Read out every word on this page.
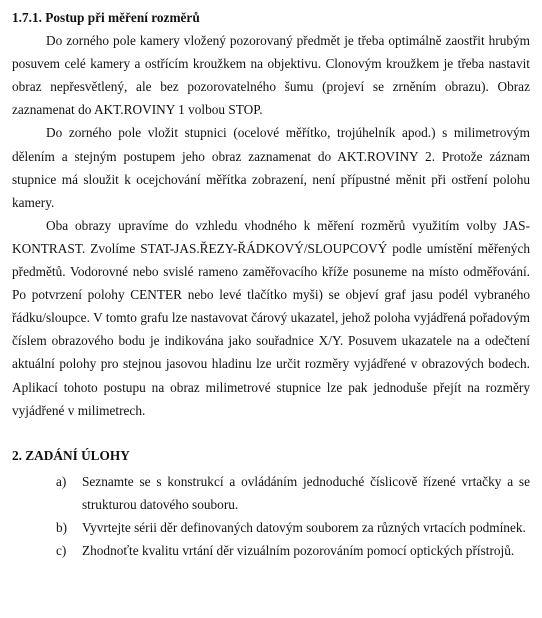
1.7.1. Postup při měření rozměrů

Do zorného pole kamery vložený pozorovaný předmět je třeba optimálně zaostřit hrubým posuvem celé kamery a ostřícím kroužkem na objektivu. Clonovým kroužkem je třeba nastavit obraz nepřesvětlený, ale bez pozorovatelného šumu (projeví se zrněním obrazu). Obraz zaznamenat do AKT.ROVINY 1 volbou STOP.

Do zorného pole vložit stupnici (ocelové měřítko, trojúhelník apod.) s milimetrovým dělením a stejným postupem jeho obraz zaznamenat do AKT.ROVINY 2. Protože záznam stupnice má sloužit k ocejchování měřítka zobrazení, není přípustné měnit při ostření polohu kamery.

Oba obrazy upravíme do vzhledu vhodného k měření rozměrů využitím volby JAS-KONTRAST. Zvolíme STAT-JAS.ŘEZY-ŘÁDKOVÝ/SLOUPCOVÝ podle umístění měřených předmětů. Vodorovné nebo svislé rameno zaměřovacího kříže posuneme na místo odměřování. Po potvrzení polohy CENTER nebo levé tlačítko myši) se objeví graf jasu podél vybraného řádku/sloupce. V tomto grafu lze nastavovat čárový ukazatel, jehož poloha vyjádřená pořadovým číslem obrazového bodu je indikována jako souřadnice X/Y. Posuvem ukazatele na a odečtení aktuální polohy pro stejnou jasovou hladinu lze určit rozměry vyjádřené v obrazových bodech. Aplikací tohoto postupu na obraz milimetrové stupnice lze pak jednoduše přejít na rozměry vyjádřené v milimetrech.

2. ZADÁNÍ ÚLOHY

a) Seznamte se s konstrukcí a ovládáním jednoduché číslicově řízené vrtačky a se strukturou datového souboru.

b) Vyvrtejte sérii děr definovaných datovým souborem za různých vrtacích podmínek.

c) Zhodnoťte kvalitu vrtání děr vizuálním pozorováním pomocí optických přístrojů.
